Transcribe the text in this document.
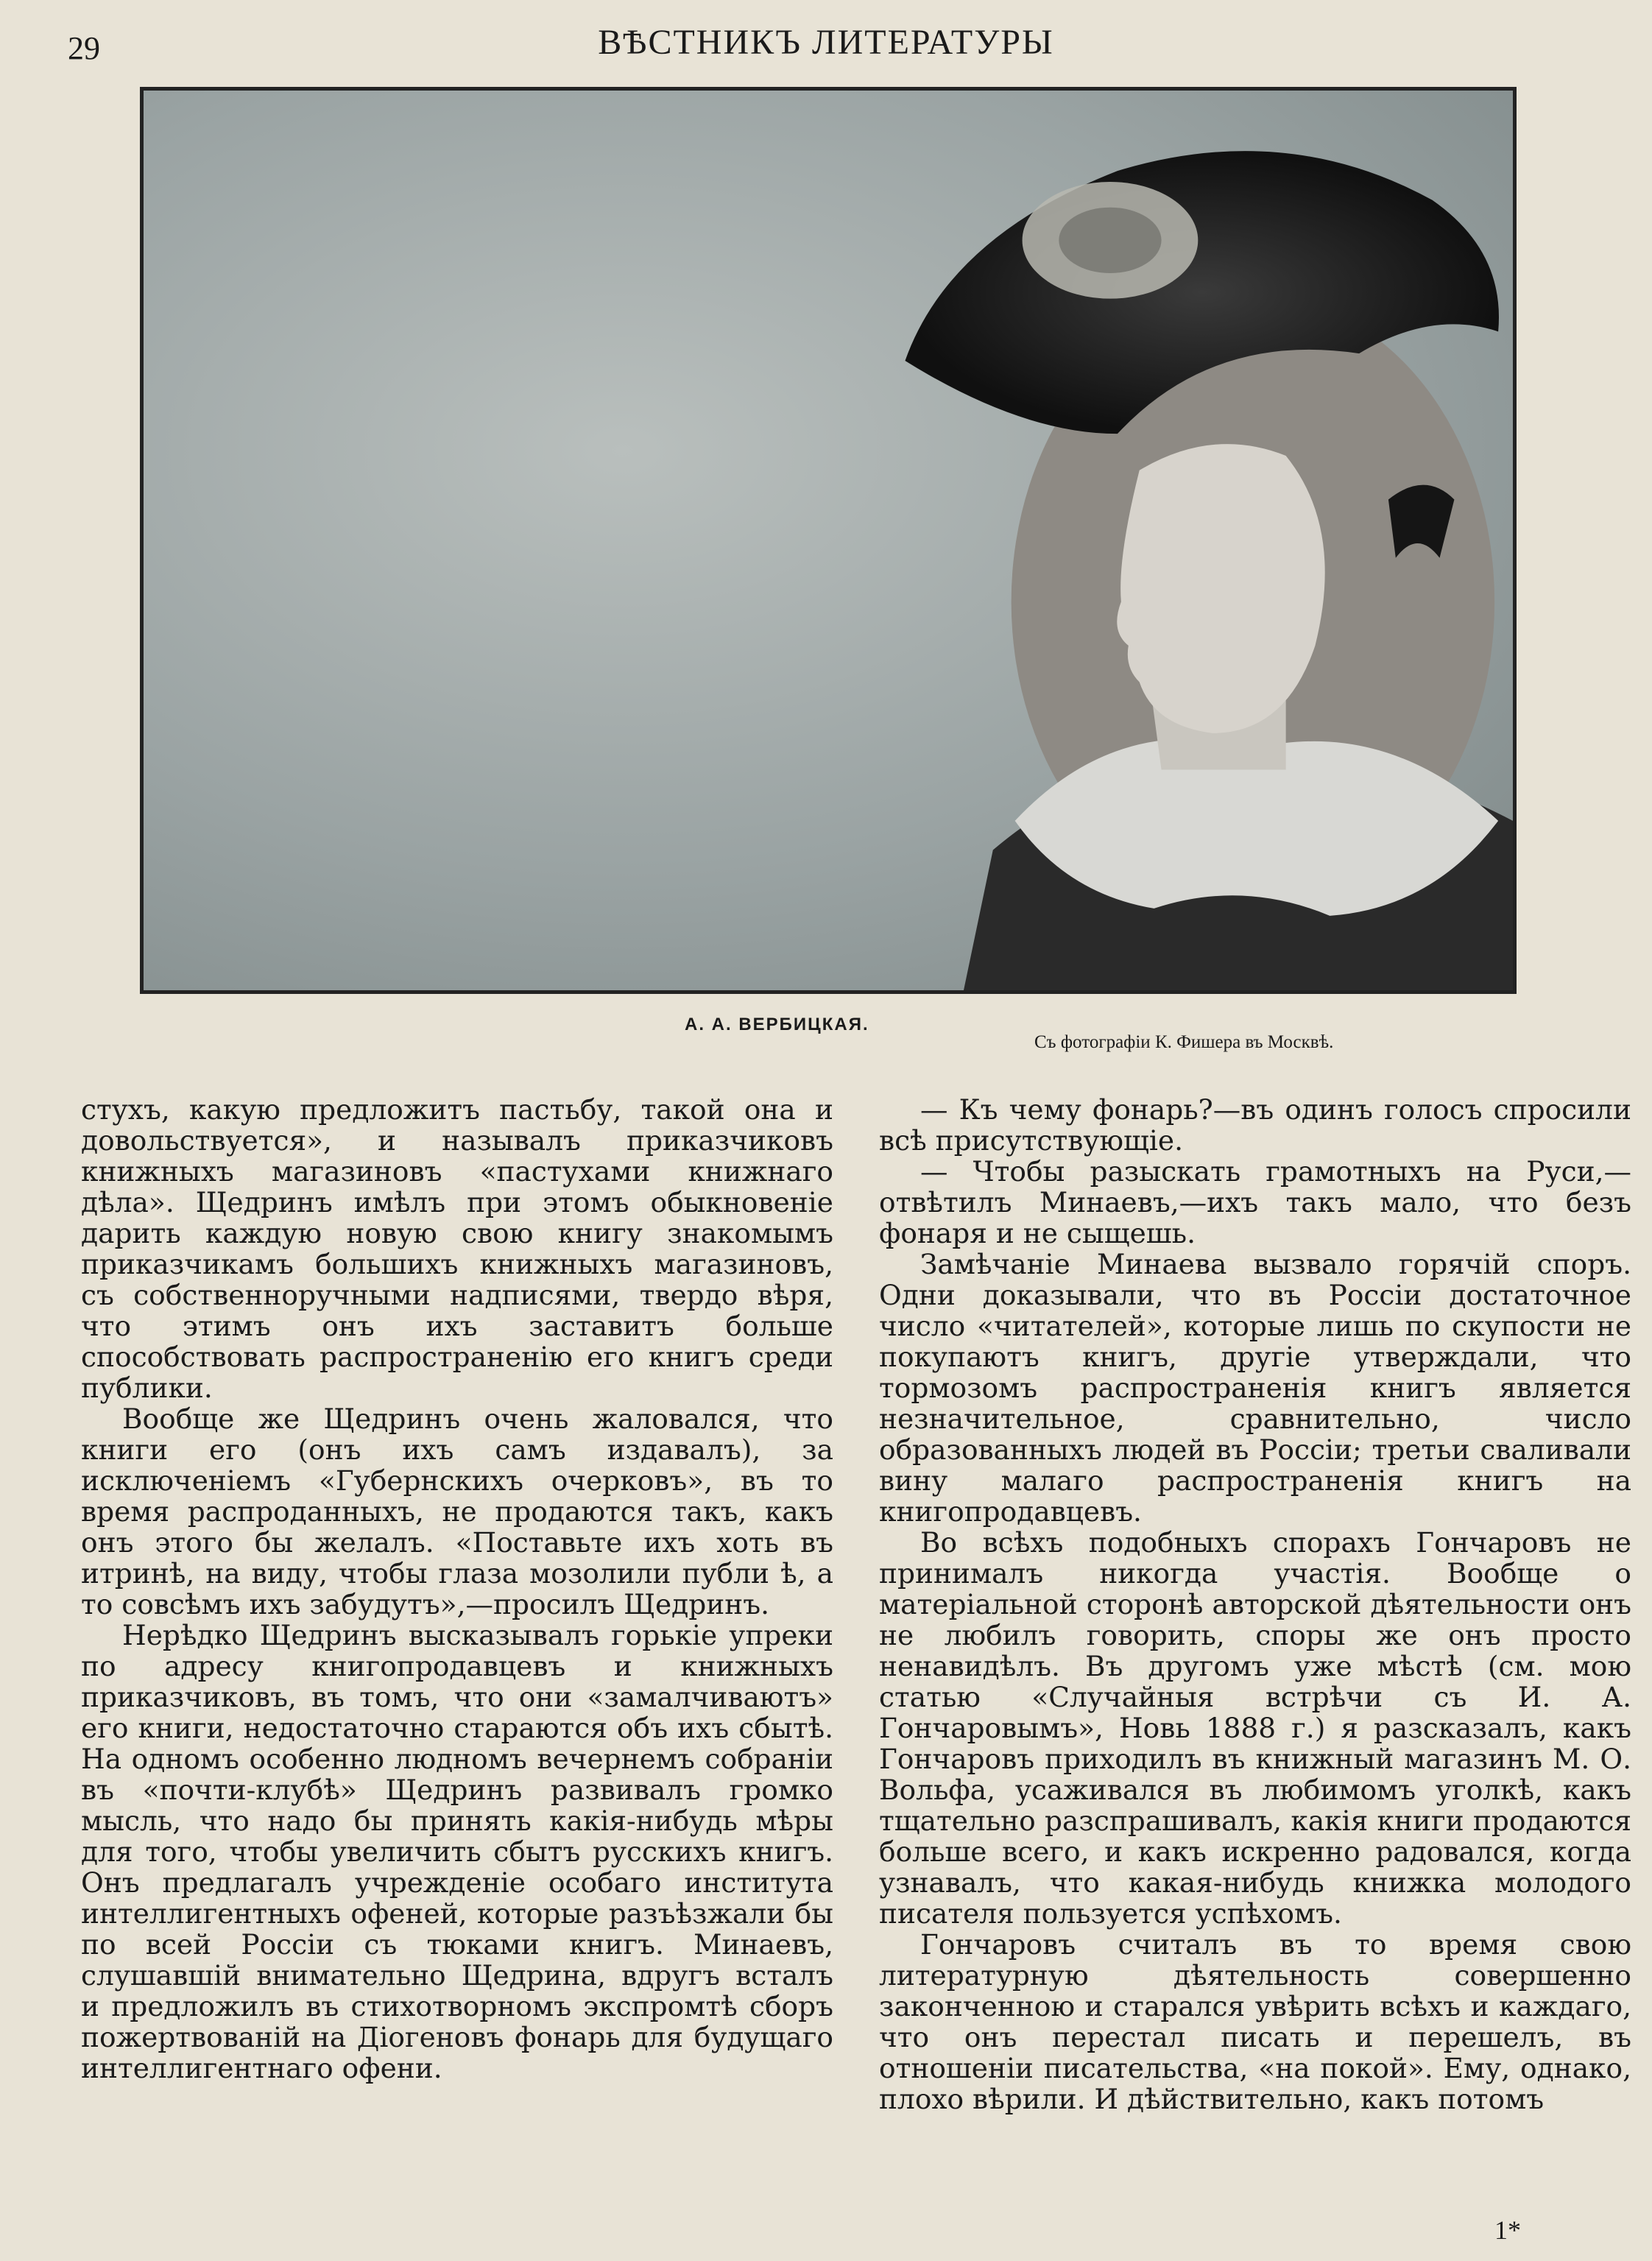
29	ВѢСТНИКЪ ЛИТЕРАТУРЫ
А. А. ВЕРБИЦКАЯ.
Съ фотографіи К. Фишера въ Москвѣ.

стухъ, какую предложитъ пастьбу, такой она и довольствуется», и называлъ приказчиковъ книжныхъ магазиновъ «пастухами книжнаго дѣла». Щедринъ имѣлъ при этомъ обыкновеніе дарить каждую новую свою книгу знакомымъ приказчикамъ большихъ книжныхъ магазиновъ, съ собственноручными надписями, твердо вѣря, что этимъ онъ ихъ заставитъ больше способствовать распространенію его книгъ среди публики.

Вообще же Щедринъ очень жаловался, что книги его (онъ ихъ самъ издавалъ), за исключеніемъ «Губернскихъ очерковъ», въ то время распроданныхъ, не продаются такъ, какъ онъ этого бы желалъ. «Поставьте ихъ хоть въ итринѣ, на виду, чтобы глаза мозолили публи ѣ, а то совсѣмъ ихъ забудутъ»,—просилъ Щедринъ.

Нерѣдко Щедринъ высказывалъ горькіе упреки по адресу книгопродавцевъ и книжныхъ приказчиковъ, въ томъ, что они «замалчиваютъ» его книги, недостаточно стараются объ ихъ сбытѣ. На одномъ особенно людномъ вечернемъ собраніи въ «почти-клубѣ» Щедринъ развивалъ громко мысль, что надо бы принять какія-нибудь мѣры для того, чтобы увеличить сбытъ русскихъ книгъ. Онъ предлагалъ учрежденіе особаго института интеллигентныхъ офеней, которые разъѣзжали бы по всей Россіи съ тюками книгъ. Минаевъ, слушавшій внимательно Щедрина, вдругъ всталъ и предложилъ въ стихотворномъ экспромтѣ сборъ пожертвованій на Діогеновъ фонарь для будущаго интеллигентнаго офени.

— Къ чему фонарь?—въ одинъ голосъ спросили всѣ присутствующіе.

— Чтобы разыскать грамотныхъ на Руси,— отвѣтилъ Минаевъ,—ихъ такъ мало, что безъ фонаря и не сыщешь.

Замѣчаніе Минаева вызвало горячій споръ. Одни доказывали, что въ Россіи достаточное число «читателей», которые лишь по скупости не покупаютъ книгъ, другіе утверждали, что тормозомъ распространенія книгъ является незначительное, сравнительно, число образованныхъ людей въ Россіи; третьи сваливали вину малаго распространенія книгъ на книгопродавцевъ.

Во всѣхъ подобныхъ спорахъ Гончаровъ не принималъ никогда участія. Вообще о матеріальной сторонѣ авторской дѣятельности онъ не любилъ говорить, споры же онъ просто ненавидѣлъ. Въ другомъ уже мѣстѣ (см. мою статью «Случайныя встрѣчи съ И. А. Гончаровымъ», Новь 1888 г.) я разсказалъ, какъ Гончаровъ приходилъ въ книжный магазинъ М. О. Вольфа, усаживался въ любимомъ уголкѣ, какъ тщательно разспрашивалъ, какія книги продаются больше всего, и какъ искренно радовался, когда узнавалъ, что какая-нибудь книжка молодого писателя пользуется успѣхомъ.

Гончаровъ считалъ въ то время свою литературную дѣятельность совершенно законченною и старался увѣрить всѣхъ и каждаго, что онъ перестал писать и перешелъ, въ отношеніи писательства, «на покой». Ему, однако, плохо вѣрили. И дѣйствительно, какъ потомъ

1*
